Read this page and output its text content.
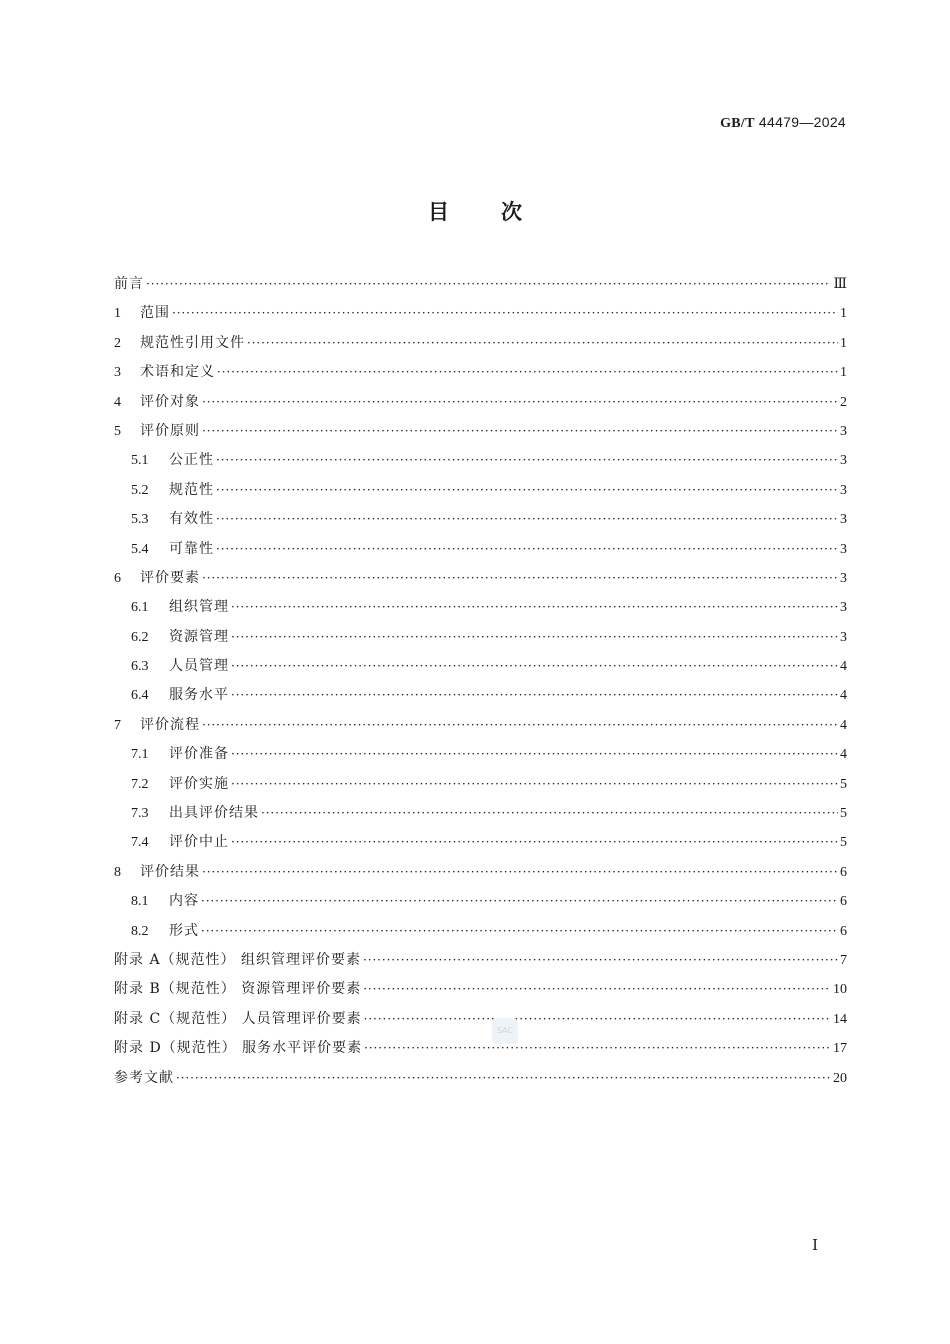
GB/T 44479—2024
目 次
前言 ·····	Ⅲ
1	范围 ·····	1
2	规范性引用文件 ·····	1
3	术语和定义 ·····	1
4	评价对象 ·····	2
5	评价原则 ·····	3
5.1	公正性 ·····	3
5.2	规范性 ·····	3
5.3	有效性 ·····	3
5.4	可靠性 ·····	3
6	评价要素 ·····	3
6.1	组织管理 ·····	3
6.2	资源管理 ·····	3
6.3	人员管理 ·····	4
6.4	服务水平 ·····	4
7	评价流程 ·····	4
7.1	评价准备 ·····	4
7.2	评价实施 ·····	5
7.3	出具评价结果 ·····	5
7.4	评价中止 ·····	5
8	评价结果 ·····	6
8.1	内容 ·····	6
8.2	形式 ·····	6
附录 A（规范性） 组织管理评价要素 ·····	7
附录 B（规范性） 资源管理评价要素 ·····	10
附录 C（规范性） 人员管理评价要素 ·····	14
附录 D（规范性） 服务水平评价要素 ·····	17
参考文献 ·····	20
SAC
Ⅰ
